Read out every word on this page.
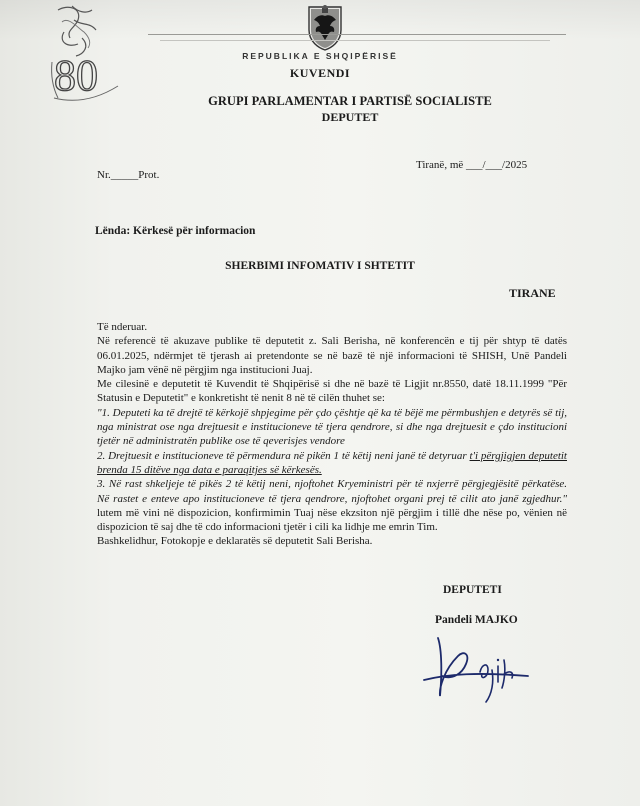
80	REPUBLIKA E SHQIPËRISË
KUVENDI
GRUPI PARLAMENTAR I PARTISË SOCIALISTE
DEPUTET
Nr._____Prot.
Tiranë, më ___/___/2025
Lënda: Kërkesë për informacion
SHERBIMI INFOMATIV I SHTETIT
TIRANE

Të nderuar.

Në referencë të akuzave publike të deputetit z. Sali Berisha, në konferencën e tij për shtyp të datës 06.01.2025, ndërmjet të tjerash ai pretendonte se në bazë të një informacioni të SHISH, Unë Pandeli Majko jam vënë në përgjim nga institucioni Juaj.

Me cilesinë e deputetit të Kuvendit të Shqipërisë si dhe në bazë të Ligjit nr.8550, datë 18.11.1999 "Për Statusin e Deputetit" e konkretisht të nenit 8 në të cilën thuhet se:

"1. Deputeti ka të drejtë të kërkojë shpjegime për çdo çështje që ka të bëjë me përmbushjen e detyrës së tij, nga ministrat ose nga drejtuesit e institucioneve të tjera qendrore, si dhe nga drejtuesit e çdo institucioni tjetër në administratën publike ose të qeverisjes vendore

2. Drejtuesit e institucioneve të përmendura në pikën 1 të këtij neni janë të detyruar t'i përgjigjen deputetit brenda 15 ditëve nga data e paraqitjes së kërkesës.

3. Në rast shkeljeje të pikës 2 të këtij neni, njoftohet Kryeministri për të nxjerrë përgjegjësitë përkatëse. Në rastet e enteve apo institucioneve të tjera qendrore, njoftohet organi prej të cilit ato janë zgjedhur." lutem më vini në dispozicion, konfirmimin Tuaj nëse ekzsiton një përgjim i tillë dhe nëse po, vënien në dispozicion të saj dhe të cdo informacioni tjetër i cili ka lidhje me emrin Tim.

Bashkelidhur, Fotokopje e deklaratës së deputetit Sali Berisha.

DEPUTETI
Pandeli MAJKO
